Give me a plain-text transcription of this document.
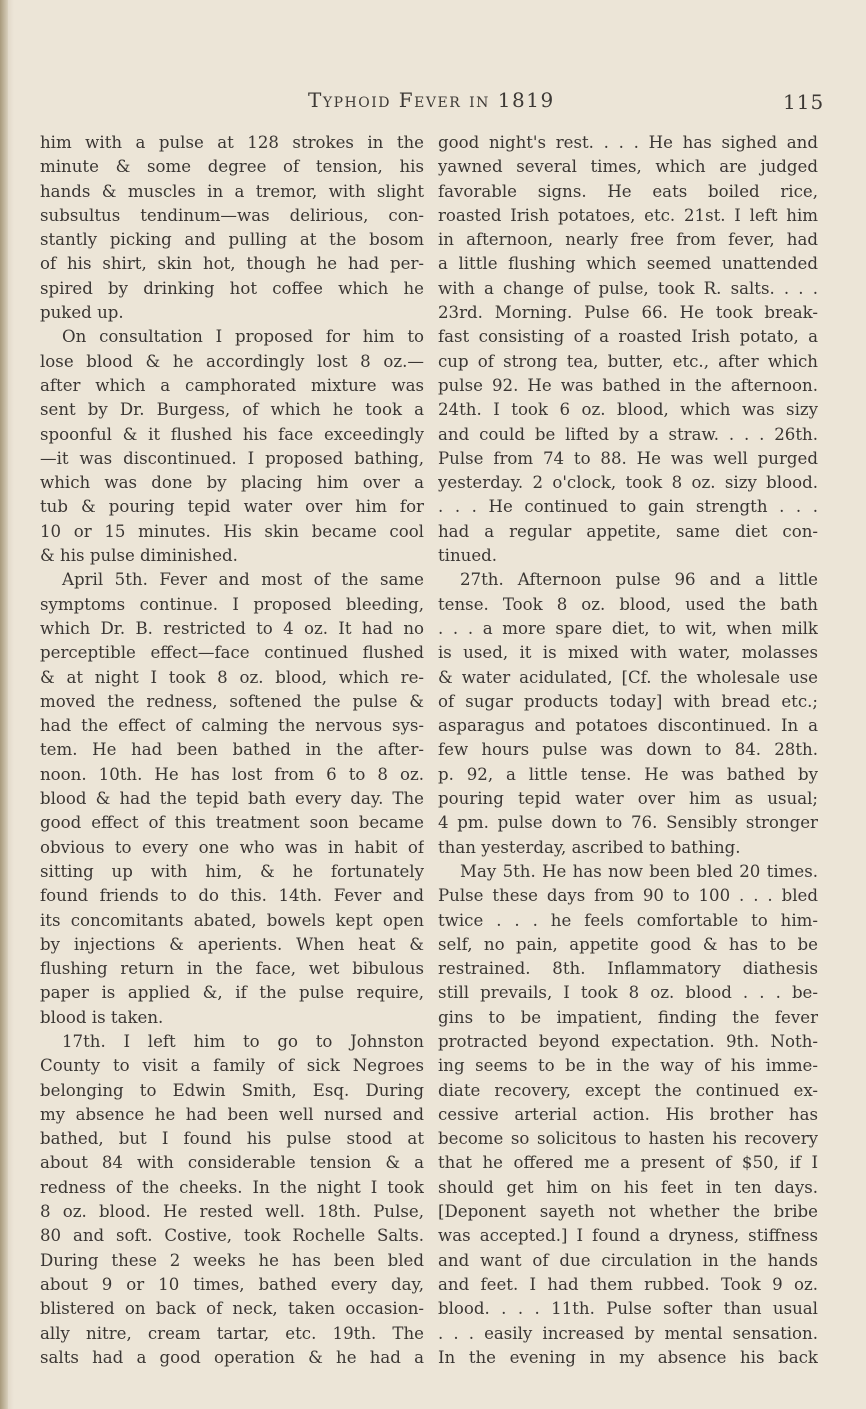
Typhoid Fever in 1819	115
him with a pulse at 128 strokes in the
minute & some degree of tension, his
hands & muscles in a tremor, with slight
subsultus tendinum—was delirious, con-
stantly picking and pulling at the bosom
of his shirt, skin hot, though he had per-
spired by drinking hot coffee which he
puked up.
On consultation I proposed for him to
lose blood & he accordingly lost 8 oz.—
after which a camphorated mixture was
sent by Dr. Burgess, of which he took a
spoonful & it flushed his face exceedingly
—it was discontinued. I proposed bathing,
which was done by placing him over a
tub & pouring tepid water over him for
10 or 15 minutes. His skin became cool
& his pulse diminished.
April 5th. Fever and most of the same
symptoms continue. I proposed bleeding,
which Dr. B. restricted to 4 oz. It had no
perceptible effect—face continued flushed
& at night I took 8 oz. blood, which re-
moved the redness, softened the pulse &
had the effect of calming the nervous sys-
tem. He had been bathed in the after-
noon. 10th. He has lost from 6 to 8 oz.
blood & had the tepid bath every day. The
good effect of this treatment soon became
obvious to every one who was in habit of
sitting up with him, & he fortunately
found friends to do this. 14th. Fever and
its concomitants abated, bowels kept open
by injections & aperients. When heat &
flushing return in the face, wet bibulous
paper is applied &, if the pulse require,
blood is taken.
17th. I left him to go to Johnston
County to visit a family of sick Negroes
belonging to Edwin Smith, Esq. During
my absence he had been well nursed and
bathed, but I found his pulse stood at
about 84 with considerable tension & a
redness of the cheeks. In the night I took
8 oz. blood. He rested well. 18th. Pulse,
80 and soft. Costive, took Rochelle Salts.
During these 2 weeks he has been bled
about 9 or 10 times, bathed every day,
blistered on back of neck, taken occasion-
ally nitre, cream tartar, etc. 19th. The
salts had a good operation & he had a
good night's rest. . . . He has sighed and
yawned several times, which are judged
favorable signs. He eats boiled rice,
roasted Irish potatoes, etc. 21st. I left him
in afternoon, nearly free from fever, had
a little flushing which seemed unattended
with a change of pulse, took R. salts. . . .
23rd. Morning. Pulse 66. He took break-
fast consisting of a roasted Irish potato, a
cup of strong tea, butter, etc., after which
pulse 92. He was bathed in the afternoon.
24th. I took 6 oz. blood, which was sizy
and could be lifted by a straw. . . . 26th.
Pulse from 74 to 88. He was well purged
yesterday. 2 o'clock, took 8 oz. sizy blood.
. . . He continued to gain strength . . .
had a regular appetite, same diet con-
tinued.
27th. Afternoon pulse 96 and a little
tense. Took 8 oz. blood, used the bath
. . . a more spare diet, to wit, when milk
is used, it is mixed with water, molasses
& water acidulated, [Cf. the wholesale use
of sugar products today] with bread etc.;
asparagus and potatoes discontinued. In a
few hours pulse was down to 84. 28th.
p. 92, a little tense. He was bathed by
pouring tepid water over him as usual;
4 pm. pulse down to 76. Sensibly stronger
than yesterday, ascribed to bathing.
May 5th. He has now been bled 20 times.
Pulse these days from 90 to 100 . . . bled
twice . . . he feels comfortable to him-
self, no pain, appetite good & has to be
restrained. 8th. Inflammatory diathesis
still prevails, I took 8 oz. blood . . . be-
gins to be impatient, finding the fever
protracted beyond expectation. 9th. Noth-
ing seems to be in the way of his imme-
diate recovery, except the continued ex-
cessive arterial action. His brother has
become so solicitous to hasten his recovery
that he offered me a present of $50, if I
should get him on his feet in ten days.
[Deponent sayeth not whether the bribe
was accepted.] I found a dryness, stiffness
and want of due circulation in the hands
and feet. I had them rubbed. Took 9 oz.
blood. . . . 11th. Pulse softer than usual
. . . easily increased by mental sensation.
In the evening in my absence his back
